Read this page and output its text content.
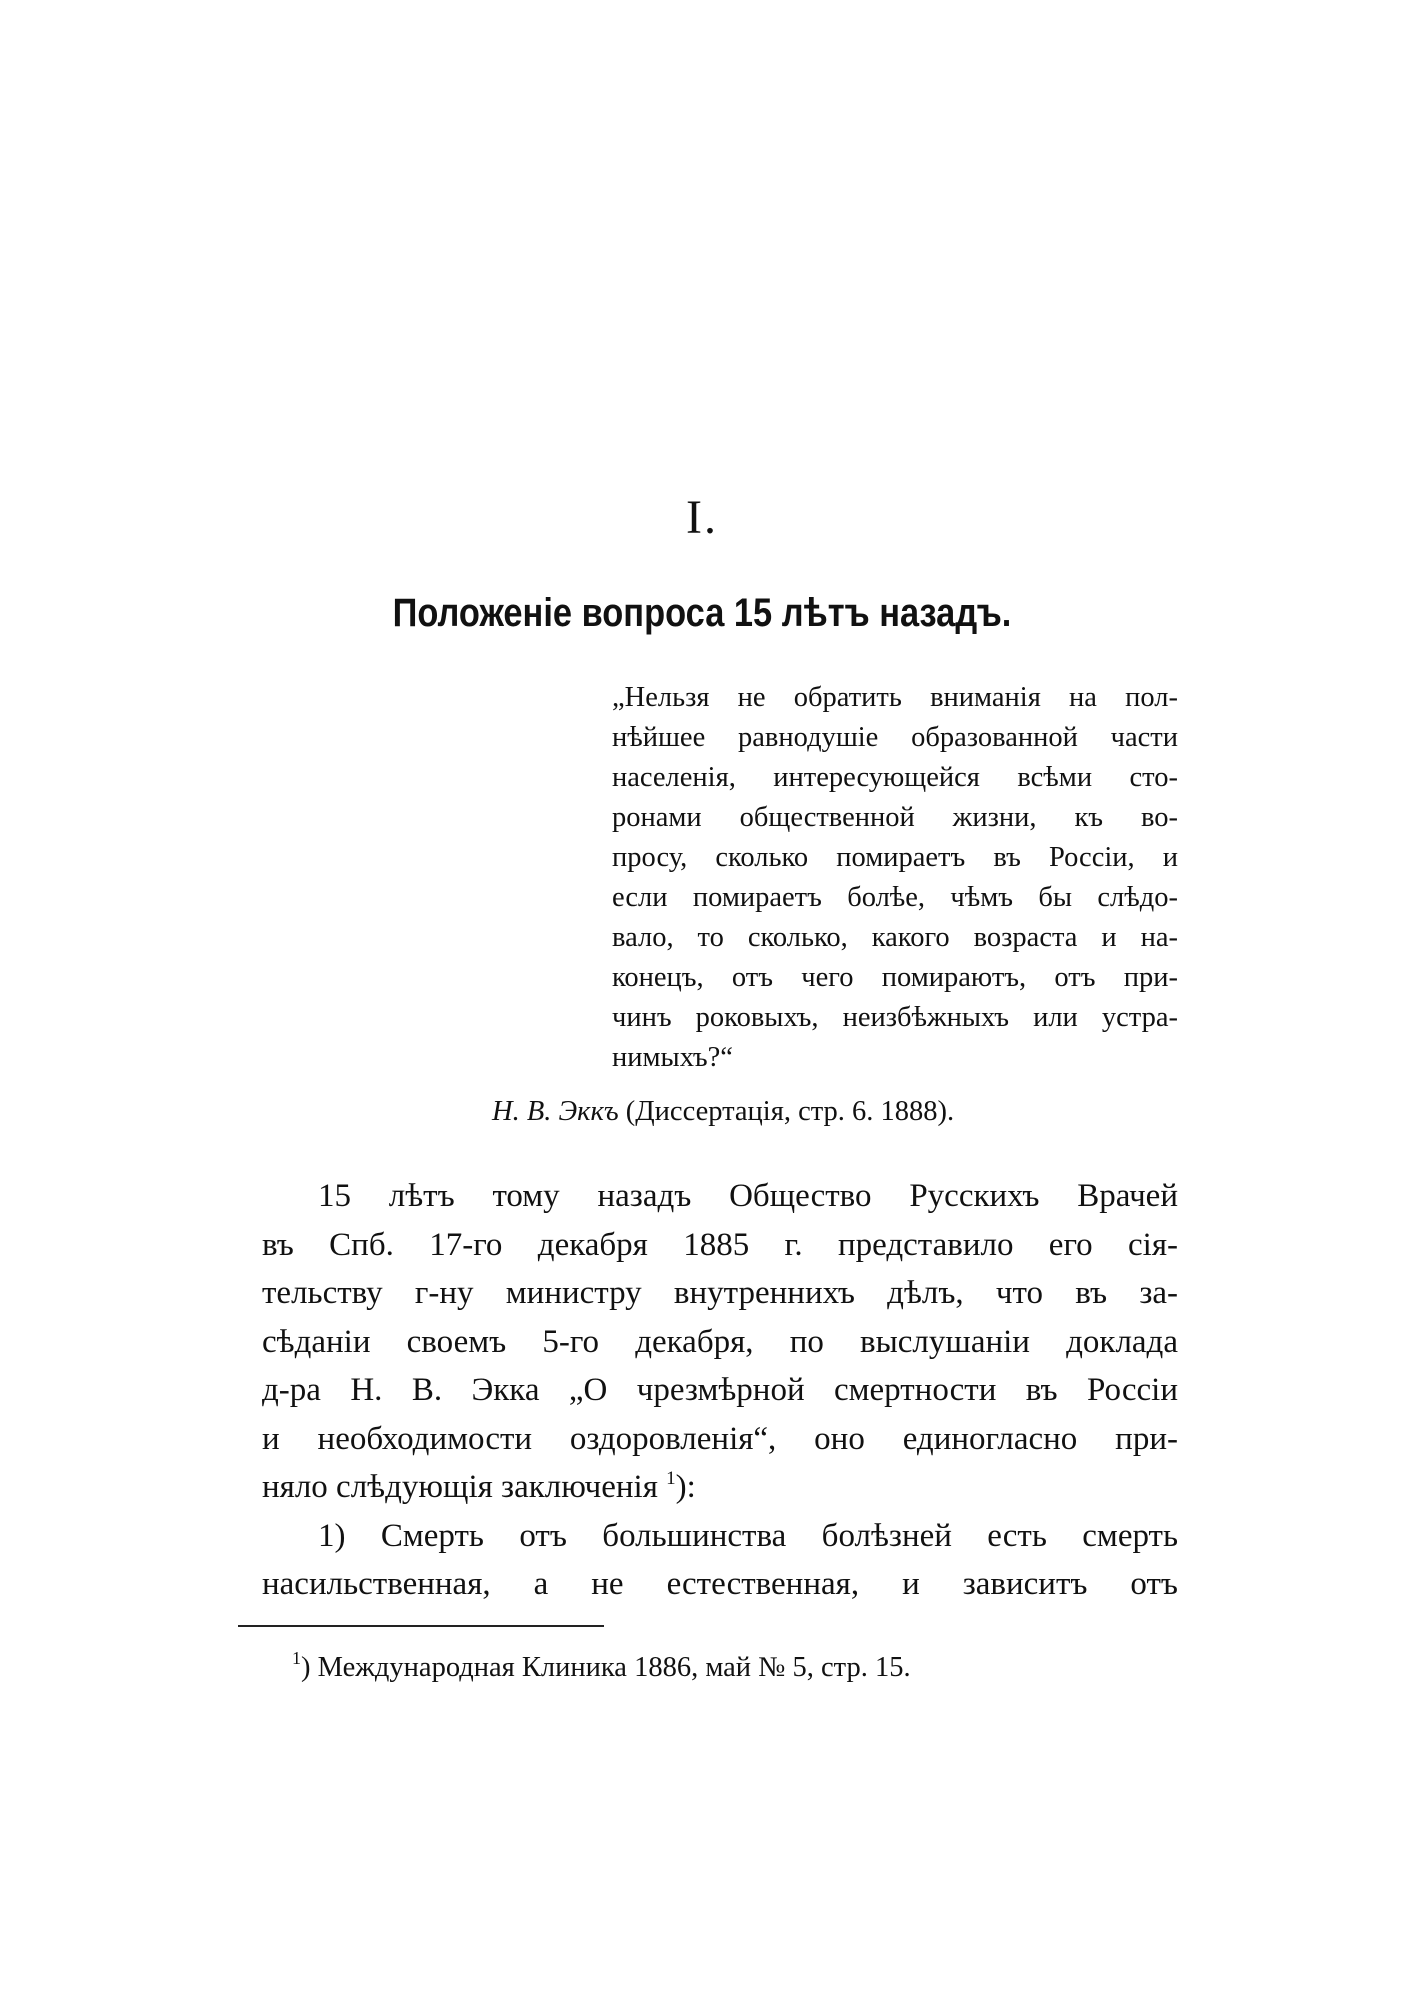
I.
Положеніе вопроса 15 лѣтъ назадъ.
„Нельзя не обратить вниманія на пол-
нѣйшее равнодушіе образованной части
населенія, интересующейся всѣми сто-
ронами общественной жизни, къ во-
просу, сколько помираетъ въ Россіи, и
если помираетъ болѣе, чѣмъ бы слѣдо-
вало, то сколько, какого возраста и на-
конецъ, отъ чего помираютъ, отъ при-
чинъ роковыхъ, неизбѣжныхъ или устра-
нимыхъ?“
Н. В. Эккъ (Диссертація, стр. 6. 1888).
15 лѣтъ тому назадъ Общество Русскихъ Врачей
въ Спб. 17-го декабря 1885 г. представило его сія-
тельству г-ну министру внутреннихъ дѣлъ, что въ за-
сѣданіи своемъ 5-го декабря, по выслушаніи доклада
д-ра Н. В. Экка „О чрезмѣрной смертности въ Россіи
и необходимости оздоровленія“, оно единогласно при-
няло слѣдующія заключенія $^1$):
1) Смерть отъ большинства болѣзней есть смерть
насильственная, а не естественная, и зависитъ отъ
$^1$) Международная Клиника 1886, май № 5, стр. 15.
